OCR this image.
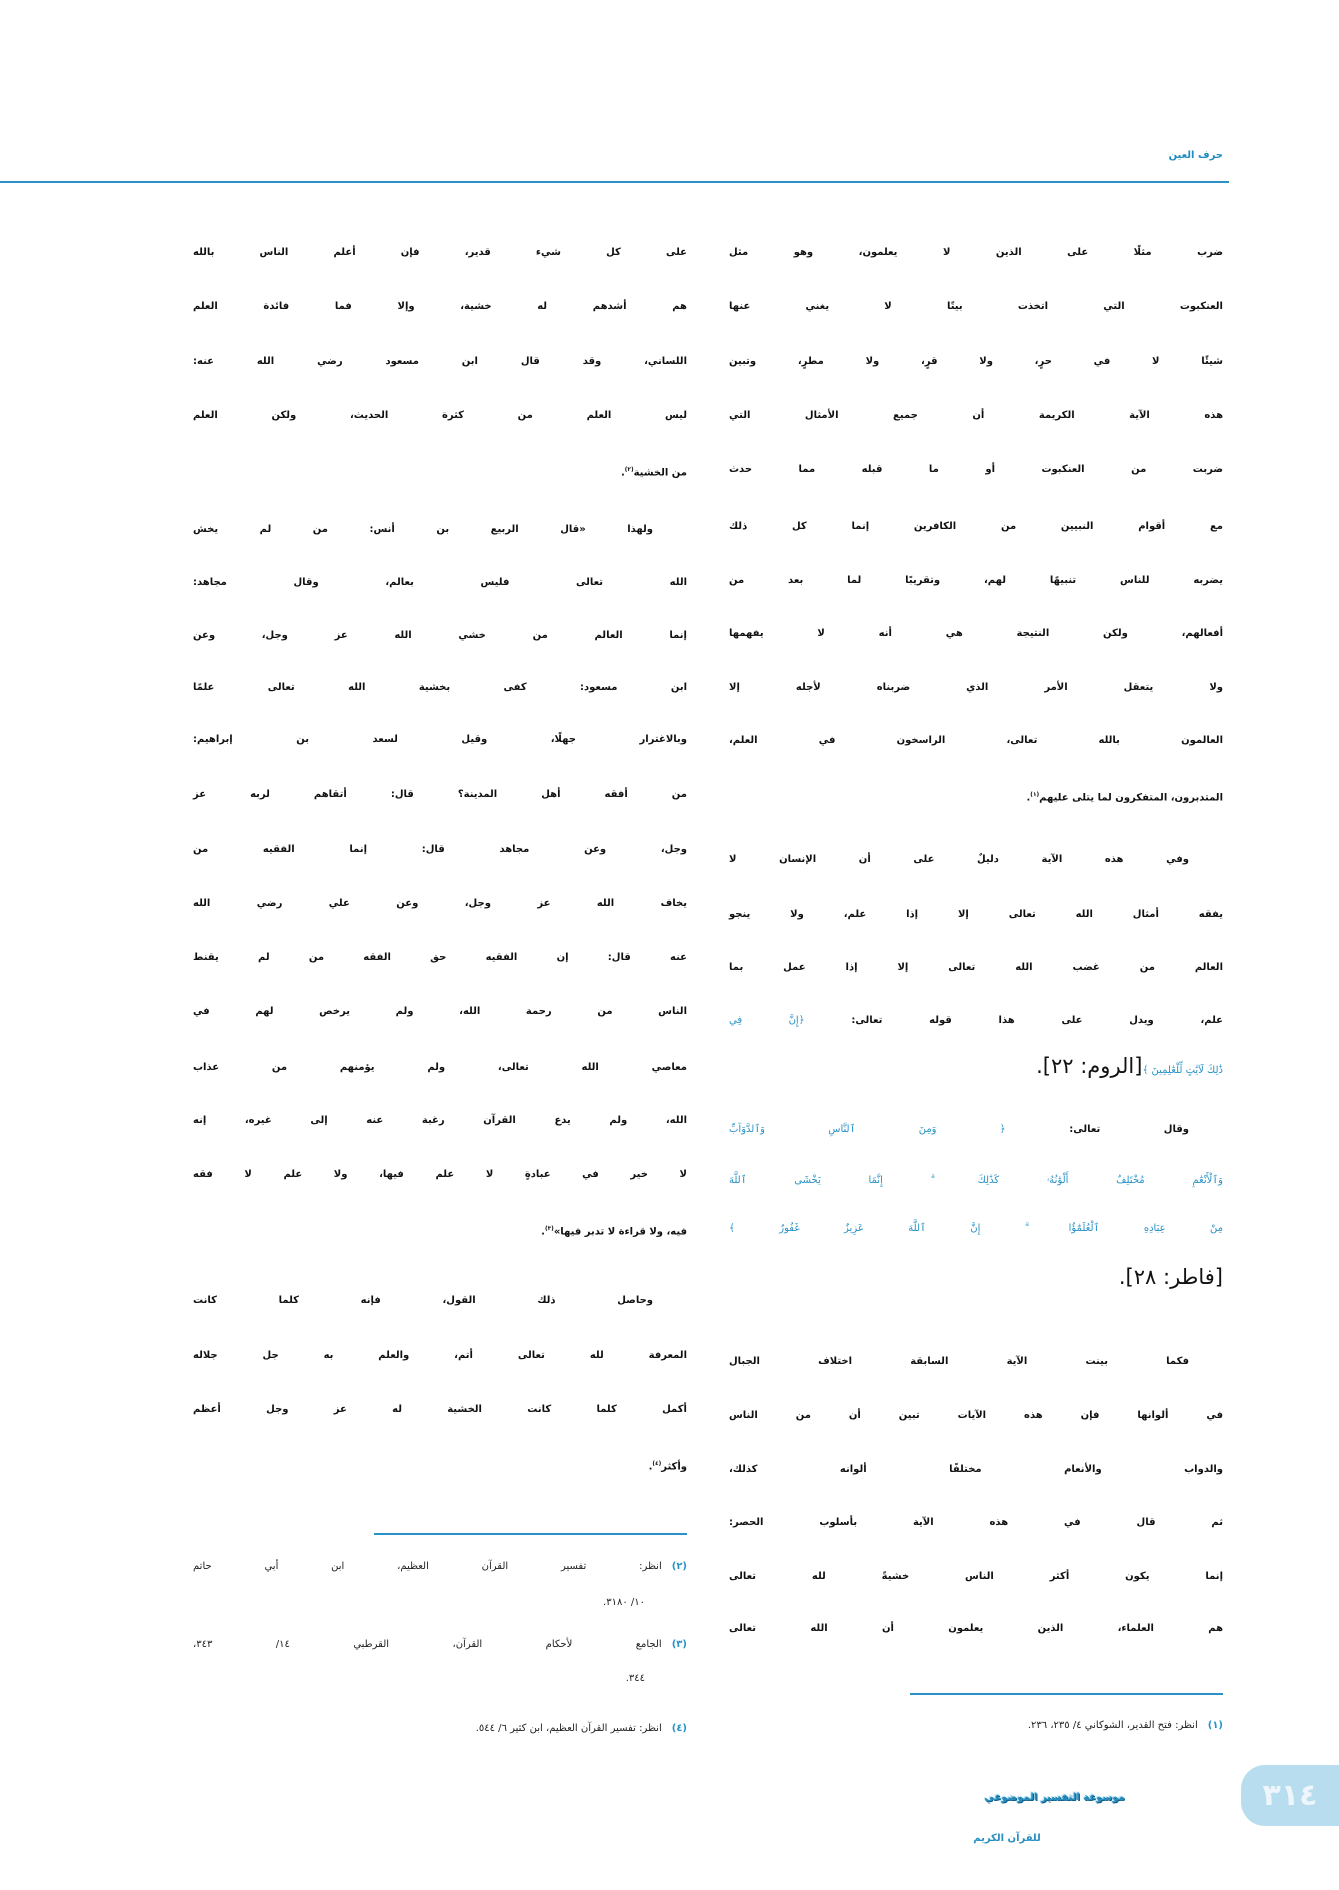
حرف العين
ضرب مثلًا على الذين لا يعلمون، وهو مثل
العنكبوت التي اتخذت بيتًا لا يغني عنها
شيئًا لا في حرٍ، ولا قرٍ، ولا مطرٍ، وتبين
هذه الآية الكريمة أن جميع الأمثال التي
ضربت من العنكبوت أو ما قبله مما حدث
مع أقوام النبيين من الكافرين إنما كل ذلك
يضربه للناس تنبيهًا لهم، وتقريبًا لما بعد من
أفعالهم، ولكن النتيجة هي أنه لا يفهمها
ولا يتعقل الأمر الذي ضربناه لأجله إلا
العالمون بالله تعالى، الراسخون في العلم،
المتدبرون، المتفكرون لما يتلى عليهم$^{(١)}$.
وفي هذه الآية دليلٌ على أن الإنسان لا
يفقه أمثال الله تعالى إلا إذا علم، ولا ينجو
العالم من غضب الله تعالى إلا إذا عمل بما
علم، ويدل على هذا قوله تعالى: ﴿إِنَّ فِي
ذَٰلِكَ لَآيَٰتٍ لِّلْعَٰلِمِينَ ﴾[الروم: ٢٢].
وقال تعالى: ﴿ وَمِنَ ٱلنَّاسِ وَٱلدَّوَآبِّ
وَٱلْأَنْعَٰمِ مُخْتَلِفٌ أَلْوَٰنُهُۥ كَذَٰلِكَ ۗ إِنَّمَا يَخْشَى ٱللَّهَ
مِنْ عِبَادِهِ ٱلْعُلَمَٰٓؤُا ۗ إِنَّ ٱللَّهَ عَزِيزٌ غَفُورٌ ﴾
[فاطر: ٢٨].
فكما بينت الآية السابقة اختلاف الجبال
في ألوانها فإن هذه الآيات تبين أن من الناس
والدواب والأنعام مختلفًا ألوانه كذلك،
ثم قال في هذه الآية بأسلوب الحصر:
إنما يكون أكثر الناس خشيةً لله تعالى
هم العلماء، الذين يعلمون أن الله تعالى
(١)انظر: فتح القدير، الشوكاني ٤/ ٢٣٥، ٢٣٦.
على كل شيء قدير، فإن أعلم الناس بالله
هم أشدهم له خشية، وإلا فما فائدة العلم
اللساني، وقد قال ابن مسعود رضي الله عنه:
ليس العلم من كثرة الحديث، ولكن العلم
من الخشية$^{(٢)}$.
ولهذا «قال الربيع بن أنس: من لم يخش
الله تعالى فليس بعالم، وقال مجاهد:
إنما العالم من خشي الله عز وجل، وعن
ابن مسعود: كفى بخشية الله تعالى علمًا
وبالاغترار جهلًا، وقيل لسعد بن إبراهيم:
من أفقه أهل المدينة؟ قال: أتقاهم لربه عز
وجل، وعن مجاهد قال: إنما الفقيه من
يخاف الله عز وجل، وعن علي رضي الله
عنه قال: إن الفقيه حق الفقه من لم يقنط
الناس من رحمة الله، ولم يرخص لهم في
معاصي الله تعالى، ولم يؤمنهم من عذاب
الله، ولم يدع القرآن رغبة عنه إلى غيره، إنه
لا خير في عبادةٍ لا علم فيها، ولا علم لا فقه
فيه، ولا قراءة لا تدبر فيها»$^{(٣)}$.
وحاصل ذلك القول، فإنه كلما كانت
المعرفة لله تعالى أتم، والعلم به جل جلاله
أكمل كلما كانت الخشية له عز وجل أعظم
وأكثر$^{(٤)}$.
(٢)انظر: تفسير القرآن العظيم، ابن أبي حاتم
١٠/ ٣١٨٠.
(٣)الجامع لأحكام القرآن، القرطبي ١٤/ ٣٤٣،
٣٤٤.
(٤)انظر: تفسير القرآن العظيم، ابن كثير ٦/ ٥٤٤.
موسوعة التفسير الموضوعي
للقرآن الكريم
٣١٤
